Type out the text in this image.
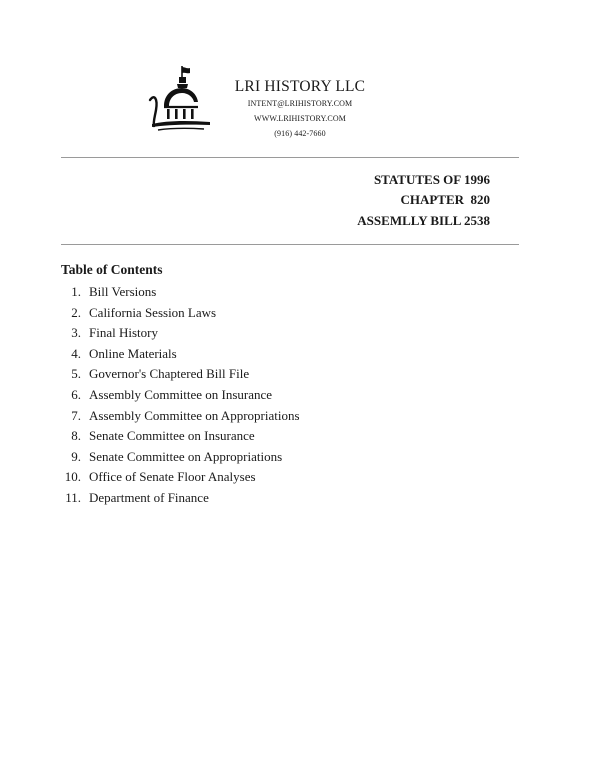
LRI HISTORY LLC
INTENT@LRIHISTORY.COM
WWW.LRIHISTORY.COM
(916) 442-7660
STATUTES OF 1996
CHAPTER  820
ASSEMLLY BILL 2538
Table of Contents
1. Bill Versions
2. California Session Laws
3. Final History
4. Online Materials
5. Governor's Chaptered Bill File
6. Assembly Committee on Insurance
7. Assembly Committee on Appropriations
8. Senate Committee on Insurance
9. Senate Committee on Appropriations
10. Office of Senate Floor Analyses
11. Department of Finance
